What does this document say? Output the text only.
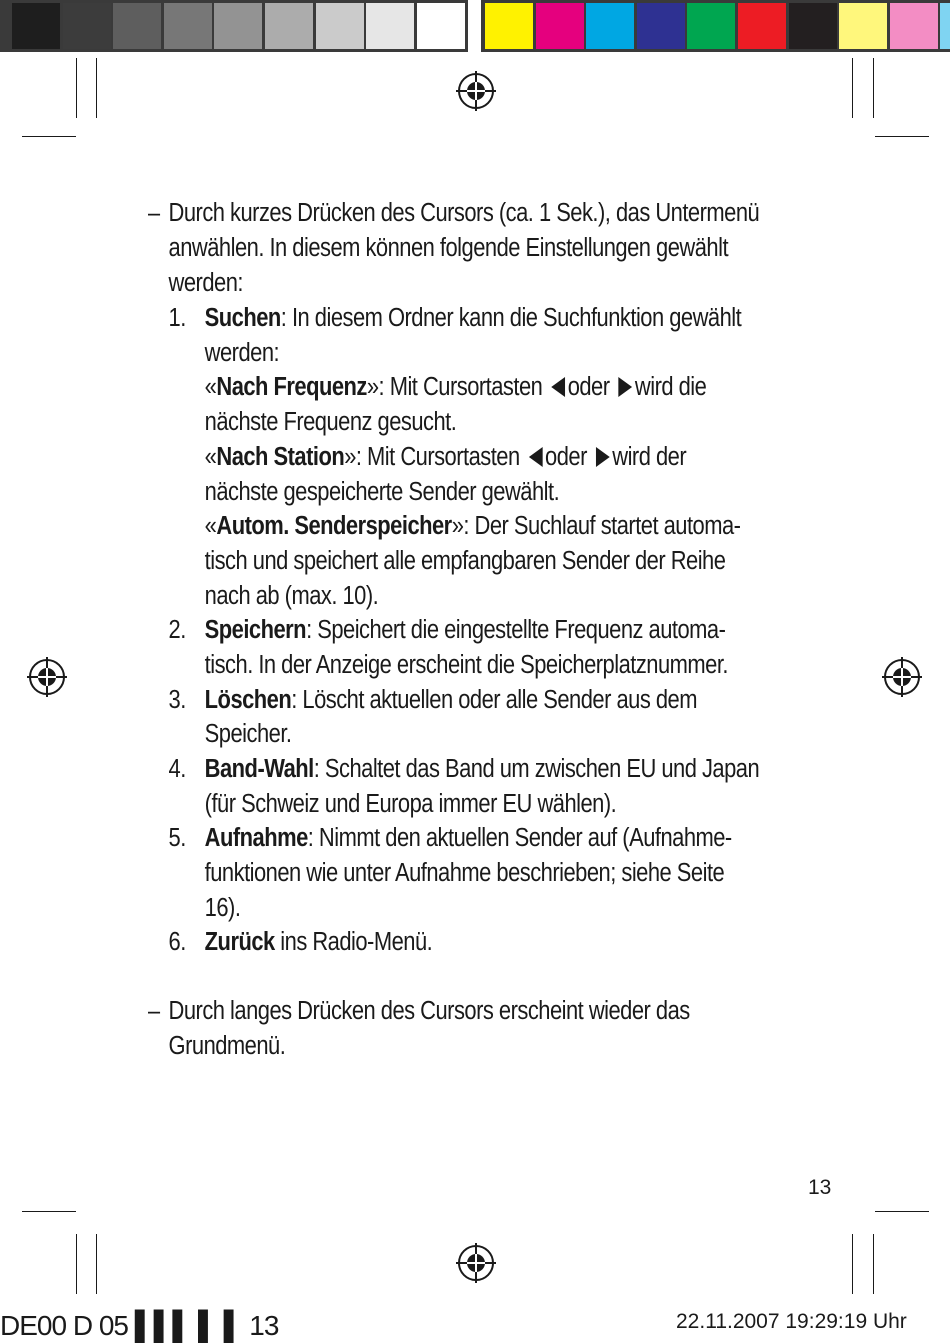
– Durch kurzes Drücken des Cursors (ca. 1 Sek.), das Untermenü
anwählen. In diesem können folgende Einstellungen gewählt
werden:
1. Suchen: In diesem Ordner kann die Suchfunktion gewählt
werden:
«Nach Frequenz»: Mit Cursortasten oder wird die
nächste Frequenz gesucht.
«Nach Station»: Mit Cursortasten oder wird der
nächste gespeicherte Sender gewählt.
«Autom. Senderspeicher»: Der Suchlauf startet automa-
tisch und speichert alle empfangbaren Sender der Reihe
nach ab (max. 10).
2. Speichern: Speichert die eingestellte Frequenz automa-
tisch. In der Anzeige erscheint die Speicherplatznummer.
3. Löschen: Löscht aktuellen oder alle Sender aus dem
Speicher.
4. Band-Wahl: Schaltet das Band um zwischen EU und Japan
(für Schweiz und Europa immer EU wählen).
5. Aufnahme: Nimmt den aktuellen Sender auf (Aufnahme-
funktionen wie unter Aufnahme beschrieben; siehe Seite
16).
6. Zurück ins Radio-Menü.
– Durch langes Drücken des Cursors erscheint wieder das
Grundmenü.
13
DE00 D 05 ▌▌▌ ▌ ▌ 13	22.11.2007 19:29:19 Uhr
